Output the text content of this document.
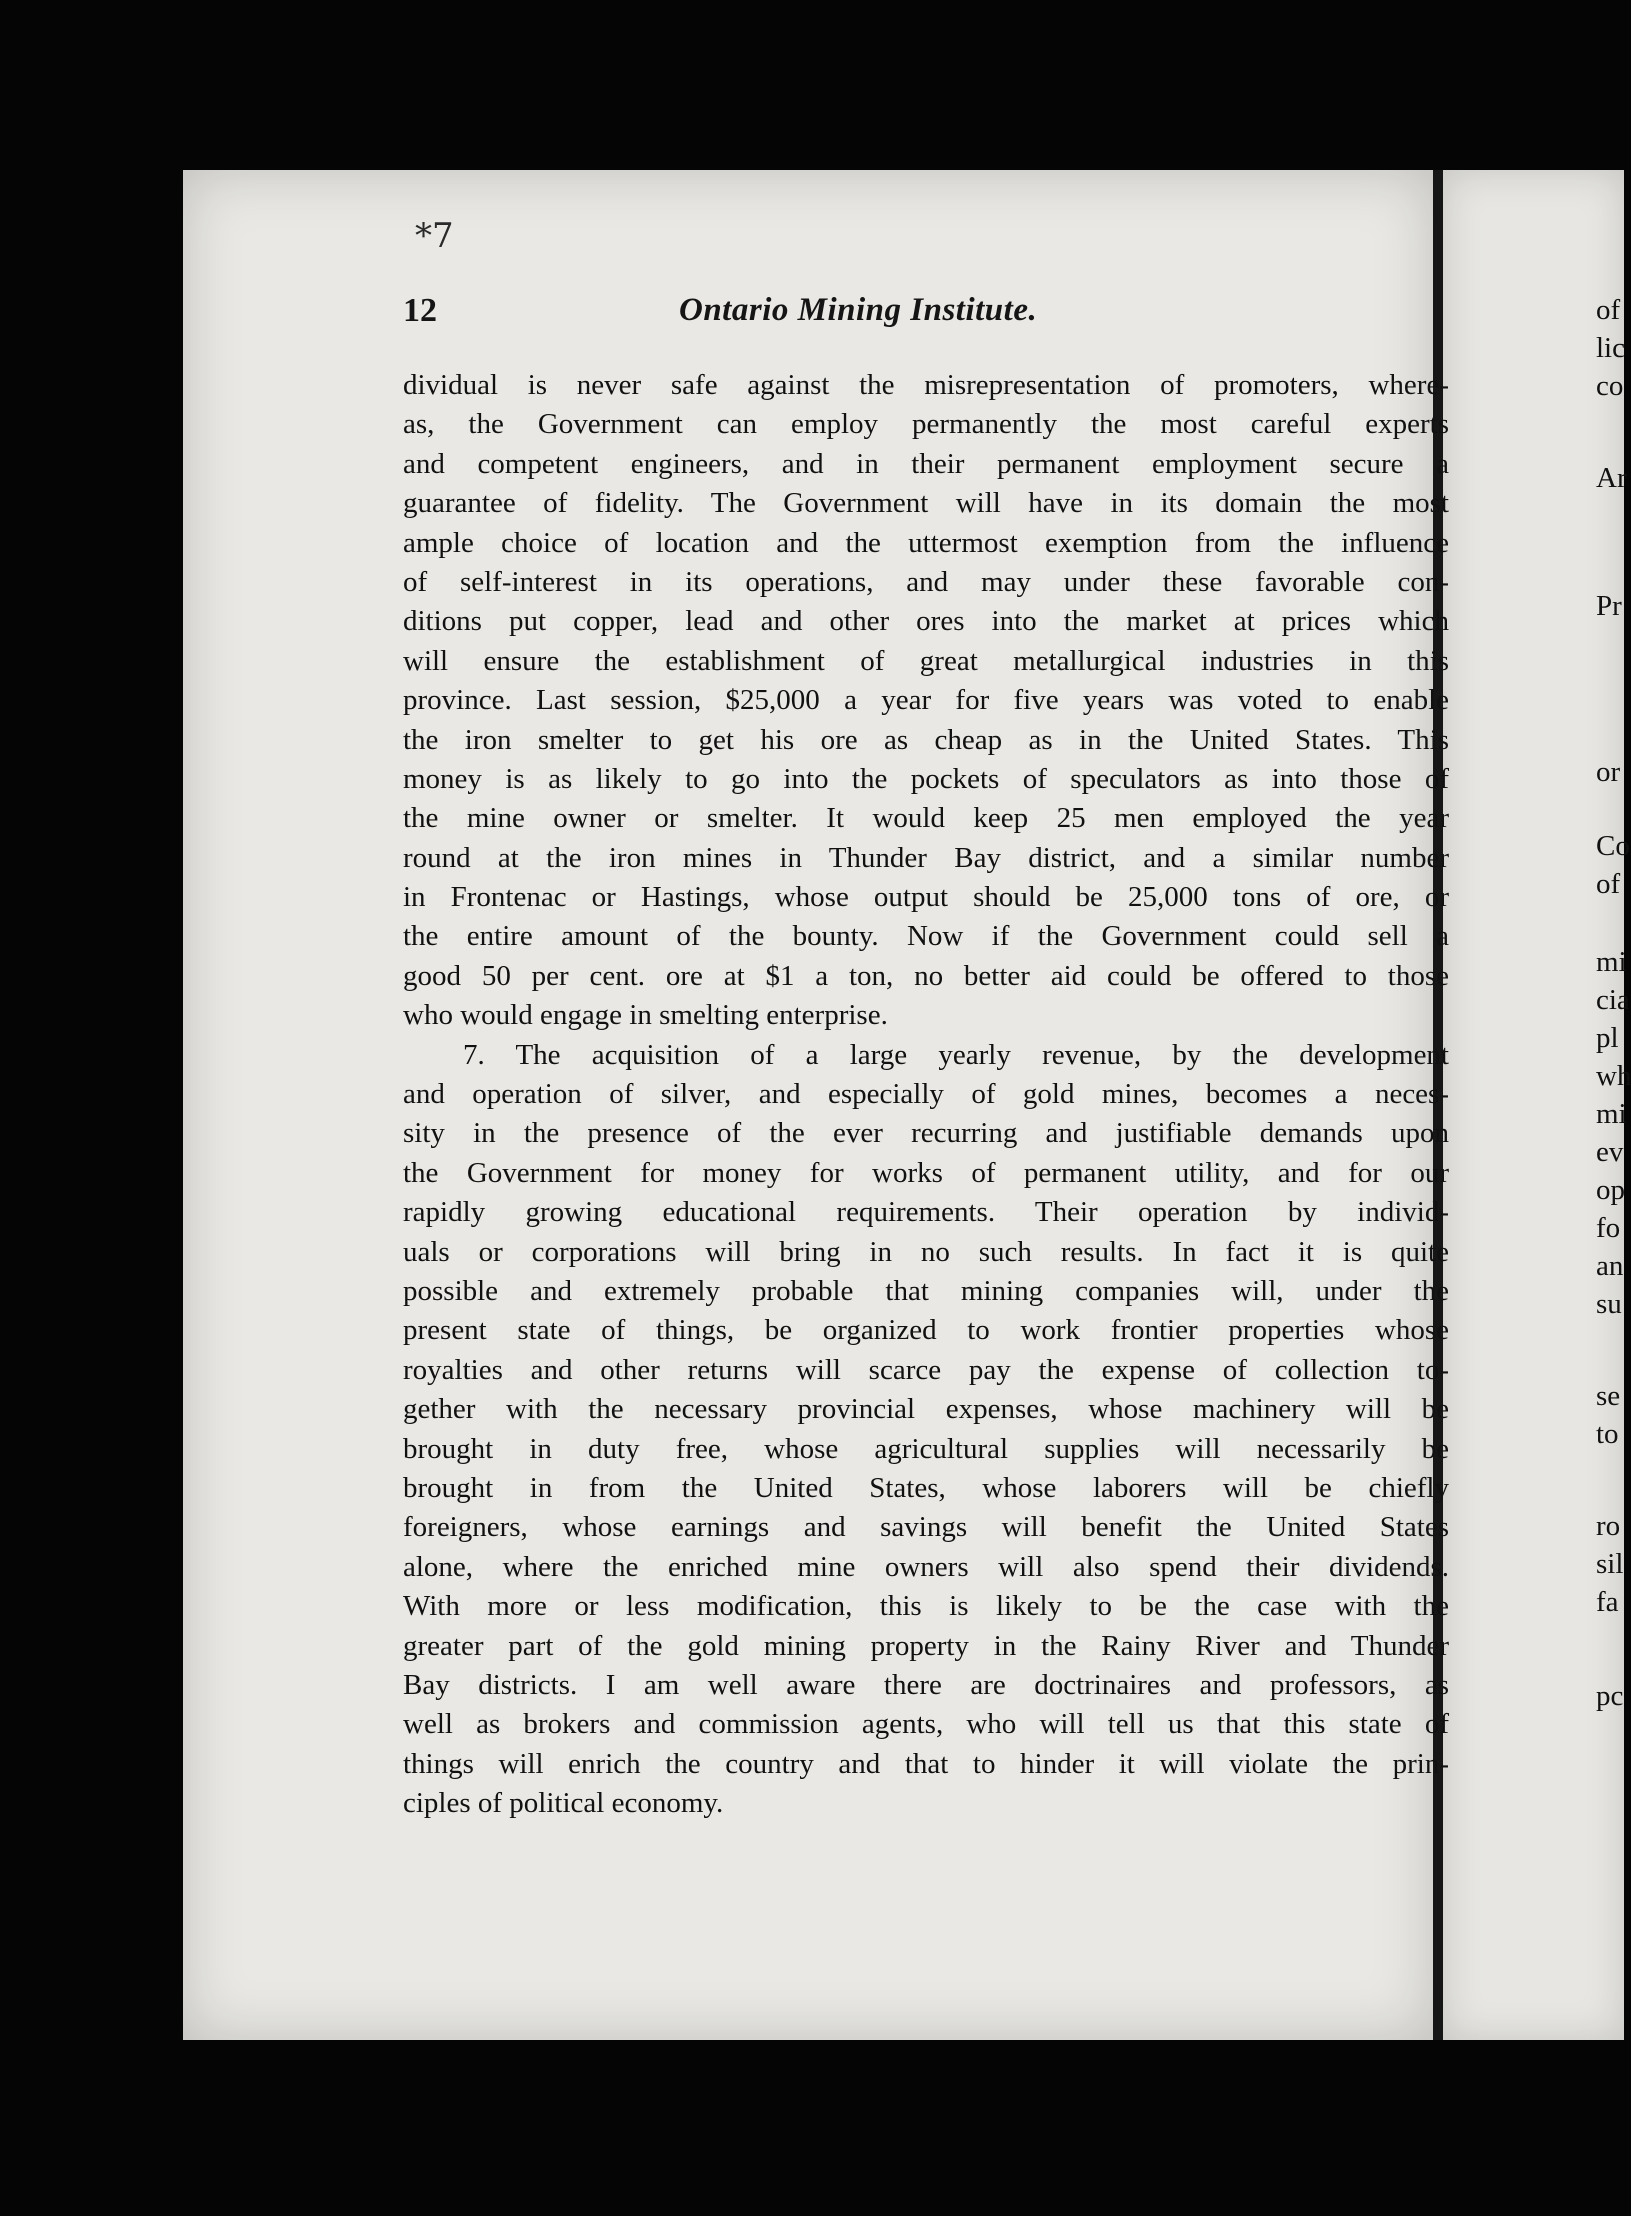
*7
of
lic
co
Ar
Pr
or
Co
of
mi
cia
pl
wh
mi
ev
op
fo
an
su
se
to
ro
sil
fa
pc
12	Ontario Mining Institute.
dividual is never safe against the misrepresentation of promoters, where-
as, the Government can employ permanently the most careful experts
and competent engineers, and in their permanent employment secure a
guarantee of fidelity. The Government will have in its domain the most
ample choice of location and the uttermost exemption from the influence
of self-interest in its operations, and may under these favorable con-
ditions put copper, lead and other ores into the market at prices which
will ensure the establishment of great metallurgical industries in this
province. Last session, $25,000 a year for five years was voted to enable
the iron smelter to get his ore as cheap as in the United States. This
money is as likely to go into the pockets of speculators as into those of
the mine owner or smelter. It would keep 25 men employed the year
round at the iron mines in Thunder Bay district, and a similar number
in Frontenac or Hastings, whose output should be 25,000 tons of ore, or
the entire amount of the bounty. Now if the Government could sell a
good 50 per cent. ore at $1 a ton, no better aid could be offered to those
who would engage in smelting enterprise.
7. The acquisition of a large yearly revenue, by the development
and operation of silver, and especially of gold mines, becomes a neces-
sity in the presence of the ever recurring and justifiable demands upon
the Government for money for works of permanent utility, and for our
rapidly growing educational requirements. Their operation by individ-
uals or corporations will bring in no such results. In fact it is quite
possible and extremely probable that mining companies will, under the
present state of things, be organized to work frontier properties whose
royalties and other returns will scarce pay the expense of collection to-
gether with the necessary provincial expenses, whose machinery will be
brought in duty free, whose agricultural supplies will necessarily be
brought in from the United States, whose laborers will be chiefly
foreigners, whose earnings and savings will benefit the United States
alone, where the enriched mine owners will also spend their dividends.
With more or less modification, this is likely to be the case with the
greater part of the gold mining property in the Rainy River and Thunder
Bay districts. I am well aware there are doctrinaires and professors, as
well as brokers and commission agents, who will tell us that this state of
things will enrich the country and that to hinder it will violate the prin-
ciples of political economy.
